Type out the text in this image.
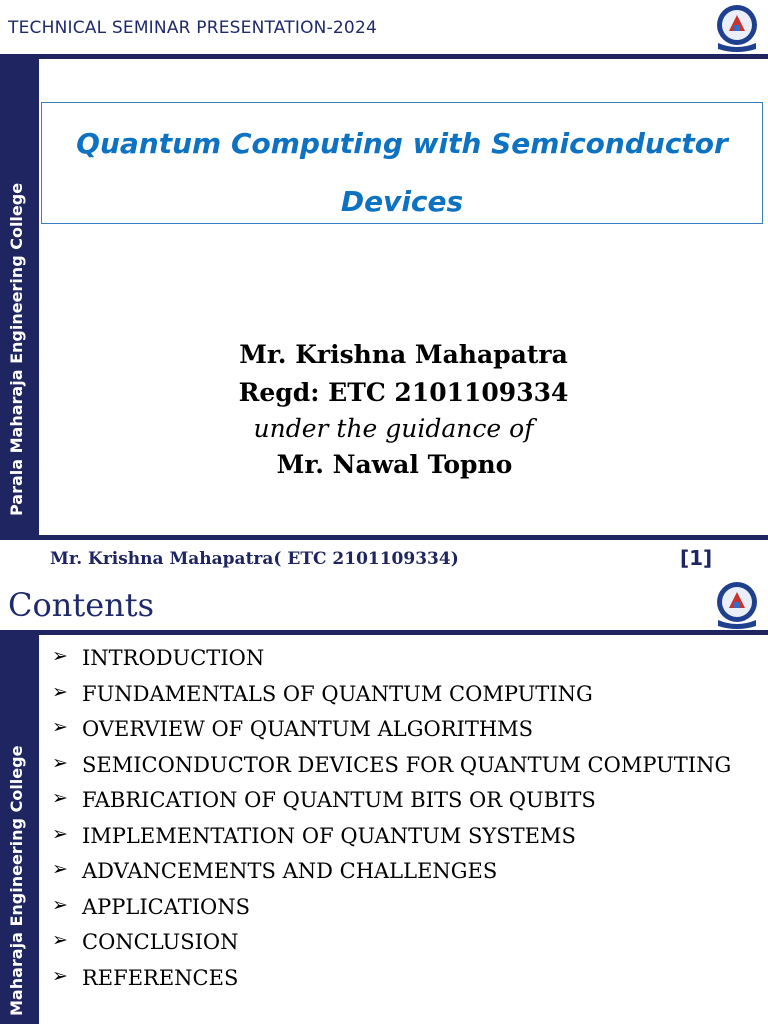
TECHNICAL SEMINAR PRESENTATION-2024
Parala Maharaja Engineering College
Quantum Computing with Semiconductor
Devices
Mr. Krishna Mahapatra
Regd: ETC 2101109334
under the guidance of
Mr. Nawal Topno
Mr. Krishna Mahapatra( ETC 2101109334)	[1]
Contents
Maharaja Engineering College
➢ INTRODUCTION
➢ FUNDAMENTALS OF QUANTUM COMPUTING
➢ OVERVIEW OF QUANTUM ALGORITHMS
➢ SEMICONDUCTOR DEVICES FOR QUANTUM COMPUTING
➢ FABRICATION OF QUANTUM BITS OR QUBITS
➢ IMPLEMENTATION OF QUANTUM SYSTEMS
➢ ADVANCEMENTS AND CHALLENGES
➢ APPLICATIONS
➢ CONCLUSION
➢ REFERENCES
